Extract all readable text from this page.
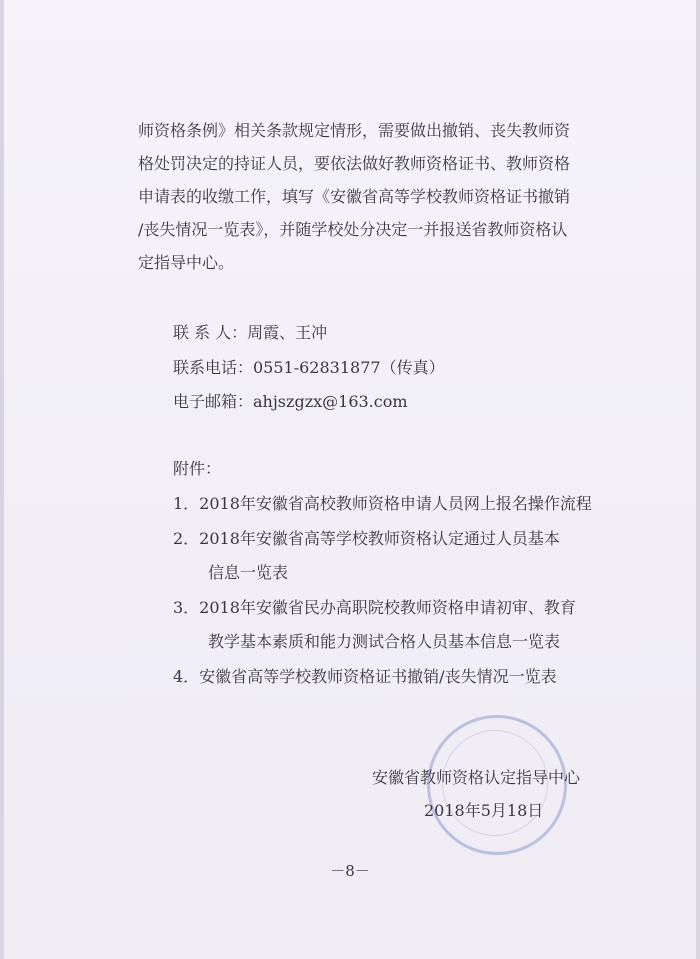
师资格条例》相关条款规定情形，需要做出撤销、丧失教师资
格处罚决定的持证人员，要依法做好教师资格证书、教师资格
申请表的收缴工作，填写《安徽省高等学校教师资格证书撤销
/丧失情况一览表》，并随学校处分决定一并报送省教师资格认
定指导中心。
联 系 人：周霞、王冲
联系电话：0551-62831877（传真）
电子邮箱：ahjszgzx@163.com
附件：
1．2018年安徽省高校教师资格申请人员网上报名操作流程
2．2018年安徽省高等学校教师资格认定通过人员基本
信息一览表
3．2018年安徽省民办高职院校教师资格申请初审、教育
教学基本素质和能力测试合格人员基本信息一览表
4．安徽省高等学校教师资格证书撤销/丧失情况一览表
安徽省教师资格认定指导中心
2018年5月18日
－8－
